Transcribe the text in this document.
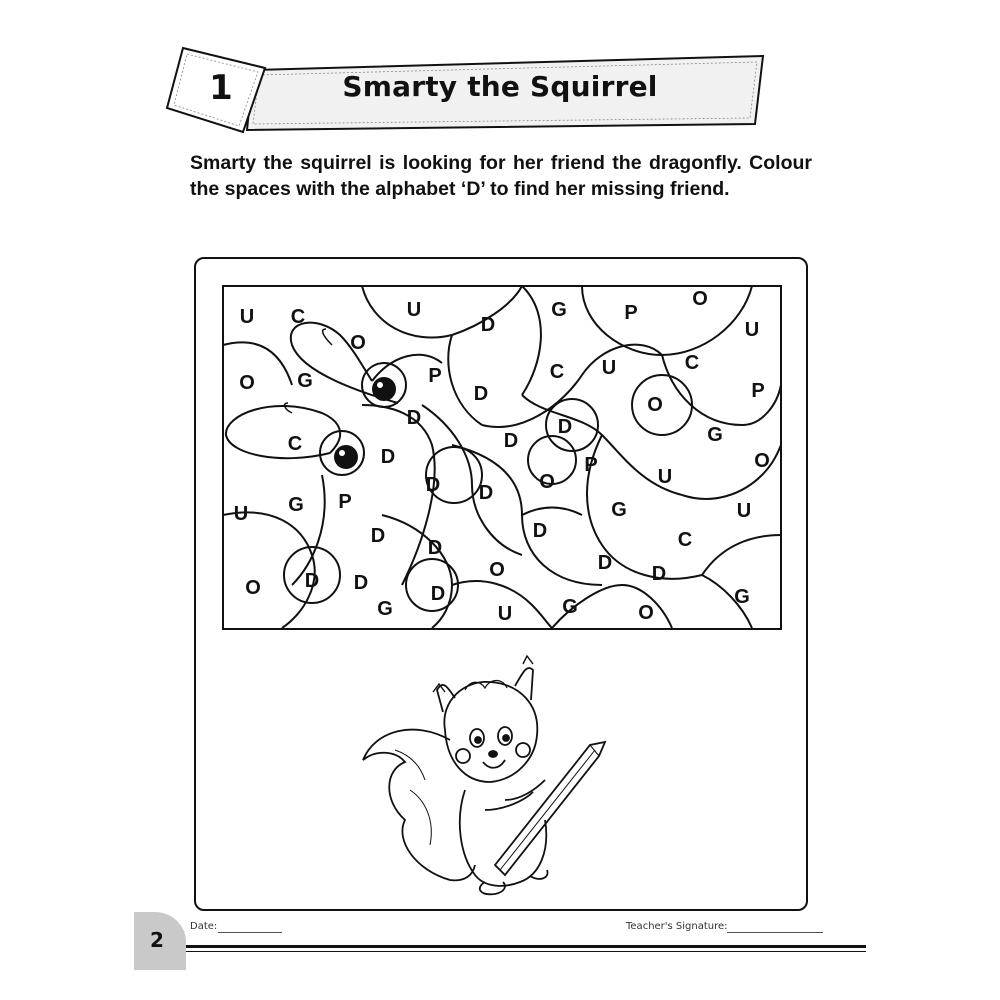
1	Smarty the Squirrel
Smarty the squirrel is looking for her friend the dragonfly. Colour the spaces with the alphabet ‘D’ to find her missing friend.
U C	U
D
G	P
O
U
O
O G	P
D
C U	C
P
D
O
C	D
D	G
D	O
P
U
D D O
U G P	G	U
D	D	C
D
O	D D
O D D	D	G
G	U	G	O
2
Date:	Teacher's Signature:
